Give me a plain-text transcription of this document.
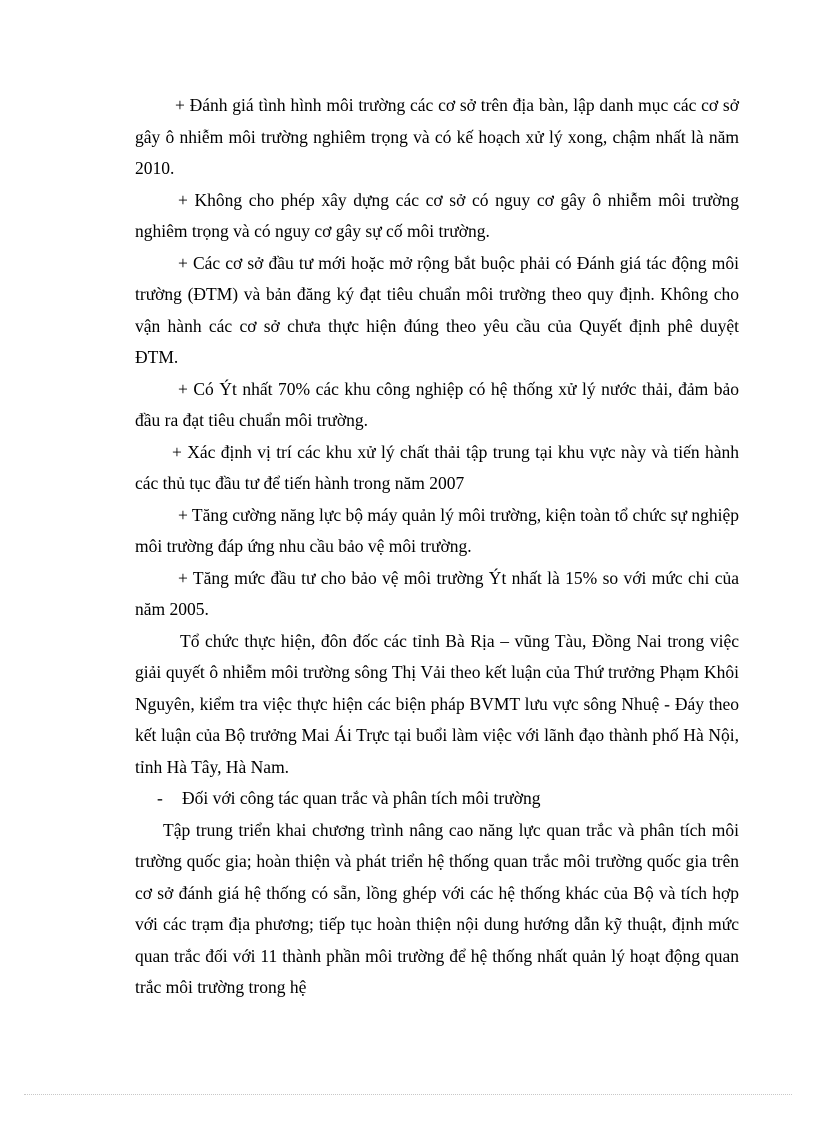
+ Đánh giá tình hình môi trường các cơ sở trên địa bàn, lập danh mục các cơ sở gây ô nhiễm môi trường nghiêm trọng và có kế hoạch xử lý xong, chậm nhất là năm 2010.

+ Không cho phép xây dựng các cơ sở có nguy cơ gây ô nhiễm môi trường nghiêm trọng và có nguy cơ gây sự cố môi trường.

+ Các cơ sở đầu tư mới hoặc mở rộng bắt buộc phải có Đánh giá tác động môi trường (ĐTM) và bản đăng ký đạt tiêu chuẩn môi trường theo quy định. Không cho vận hành các cơ sở chưa thực hiện đúng theo yêu cầu của Quyết định phê duyệt ĐTM.

+ Có Ýt nhất 70% các khu công nghiệp có hệ thống xử lý nước thải, đảm bảo đầu ra đạt tiêu chuẩn môi trường.

+ Xác định vị trí các khu xử lý chất thải tập trung tại khu vực này và tiến hành các thủ tục đầu tư để tiến hành trong năm 2007

+ Tăng cường năng lực bộ máy quản lý môi trường, kiện toàn tổ chức sự nghiệp môi trường đáp ứng nhu cầu bảo vệ môi trường.

+ Tăng mức đầu tư cho bảo vệ môi trường Ýt nhất là 15% so với mức chi của năm 2005.

Tổ chức thực hiện, đôn đốc các tỉnh Bà Rịa – vũng Tàu, Đồng Nai trong việc giải quyết ô nhiễm môi trường sông Thị Vải theo kết luận của Thứ trưởng Phạm Khôi Nguyên, kiểm tra việc thực hiện các biện pháp BVMT lưu vực sông Nhuệ - Đáy theo kết luận của Bộ trưởng Mai Ái Trực tại buổi làm việc với lãnh đạo thành phố Hà Nội, tỉnh Hà Tây, Hà Nam.

- Đối với công tác quan trắc và phân tích môi trường

Tập trung triển khai chương trình nâng cao năng lực quan trắc và phân tích môi trường quốc gia; hoàn thiện và phát triển hệ thống quan trắc môi trường quốc gia trên cơ sở đánh giá hệ thống có sẵn, lồng ghép với các hệ thống khác của Bộ và tích hợp với các trạm địa phương; tiếp tục hoàn thiện nội dung hướng dẫn kỹ thuật, định mức quan trắc đối với 11 thành phần môi trường để hệ thống nhất quản lý hoạt động quan trắc môi trường trong hệ
